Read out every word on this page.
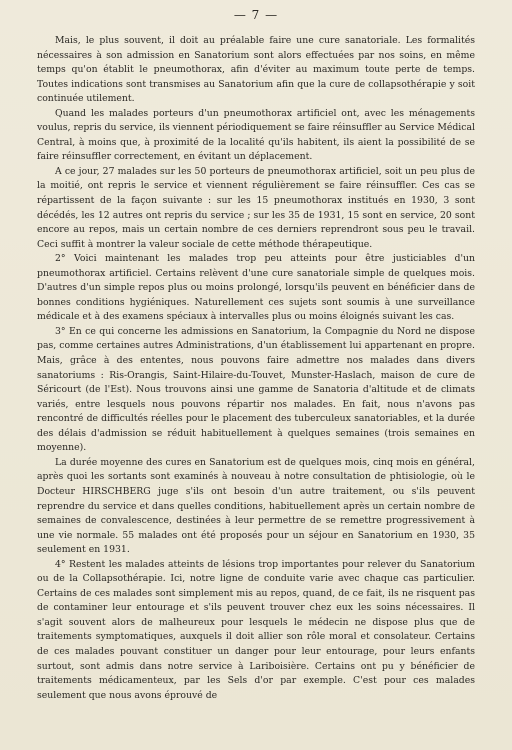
— 7 —

Mais, le plus souvent, il doit au préalable faire une cure sanatoriale. Les formalités nécessaires à son admission en Sanatorium sont alors effectuées par nos soins, en même temps qu'on établit le pneumothorax, afin d'éviter au maximum toute perte de temps. Toutes indications sont transmises au Sanatorium afin que la cure de collapsothérapie y soit continuée utilement.

Quand les malades porteurs d'un pneumothorax artificiel ont, avec les ménagements voulus, repris du service, ils viennent périodiquement se faire réinsuffler au Service Médical Central, à moins que, à proximité de la localité qu'ils habitent, ils aient la possibilité de se faire réinsuffler correctement, en évitant un déplacement.

A ce jour, 27 malades sur les 50 porteurs de pneumothorax artificiel, soit un peu plus de la moitié, ont repris le service et viennent régulièrement se faire réinsuffler. Ces cas se répartissent de la façon suivante : sur les 15 pneumothorax institués en 1930, 3 sont décédés, les 12 autres ont repris du service ; sur les 35 de 1931, 15 sont en service, 20 sont encore au repos, mais un certain nombre de ces derniers reprendront sous peu le travail. Ceci suffit à montrer la valeur sociale de cette méthode thérapeutique.

2° Voici maintenant les malades trop peu atteints pour être justiciables d'un pneumothorax artificiel. Certains relèvent d'une cure sanatoriale simple de quelques mois. D'autres d'un simple repos plus ou moins prolongé, lorsqu'ils peuvent en bénéficier dans de bonnes conditions hygiéniques. Naturellement ces sujets sont soumis à une surveillance médicale et à des examens spéciaux à intervalles plus ou moins éloignés suivant les cas.

3° En ce qui concerne les admissions en Sanatorium, la Compagnie du Nord ne dispose pas, comme certaines autres Administrations, d'un établissement lui appartenant en propre. Mais, grâce à des ententes, nous pouvons faire admettre nos malades dans divers sanatoriums : Ris-Orangis, Saint-Hilaire-du-Touvet, Munster-Haslach, maison de cure de Séricourt (de l'Est). Nous trouvons ainsi une gamme de Sanatoria d'altitude et de climats variés, entre lesquels nous pouvons répartir nos malades. En fait, nous n'avons pas rencontré de difficultés réelles pour le placement des tuberculeux sanatoriables, et la durée des délais d'admission se réduit habituellement à quelques semaines (trois semaines en moyenne).

La durée moyenne des cures en Sanatorium est de quelques mois, cinq mois en général, après quoi les sortants sont examinés à nouveau à notre consultation de phtisiologie, où le Docteur HIRSCHBERG juge s'ils ont besoin d'un autre traitement, ou s'ils peuvent reprendre du service et dans quelles conditions, habituellement après un certain nombre de semaines de convalescence, destinées à leur permettre de se remettre progressivement à une vie normale. 55 malades ont été proposés pour un séjour en Sanatorium en 1930, 35 seulement en 1931.

4° Restent les malades atteints de lésions trop importantes pour relever du Sanatorium ou de la Collapsothérapie. Ici, notre ligne de conduite varie avec chaque cas particulier. Certains de ces malades sont simplement mis au repos, quand, de ce fait, ils ne risquent pas de contaminer leur entourage et s'ils peuvent trouver chez eux les soins nécessaires. Il s'agit souvent alors de malheureux pour lesquels le médecin ne dispose plus que de traitements symptomatiques, auxquels il doit allier son rôle moral et consolateur. Certains de ces malades pouvant constituer un danger pour leur entourage, pour leurs enfants surtout, sont admis dans notre service à Lariboisière. Certains ont pu y bénéficier de traitements médicamenteux, par les Sels d'or par exemple. C'est pour ces malades seulement que nous avons éprouvé de
